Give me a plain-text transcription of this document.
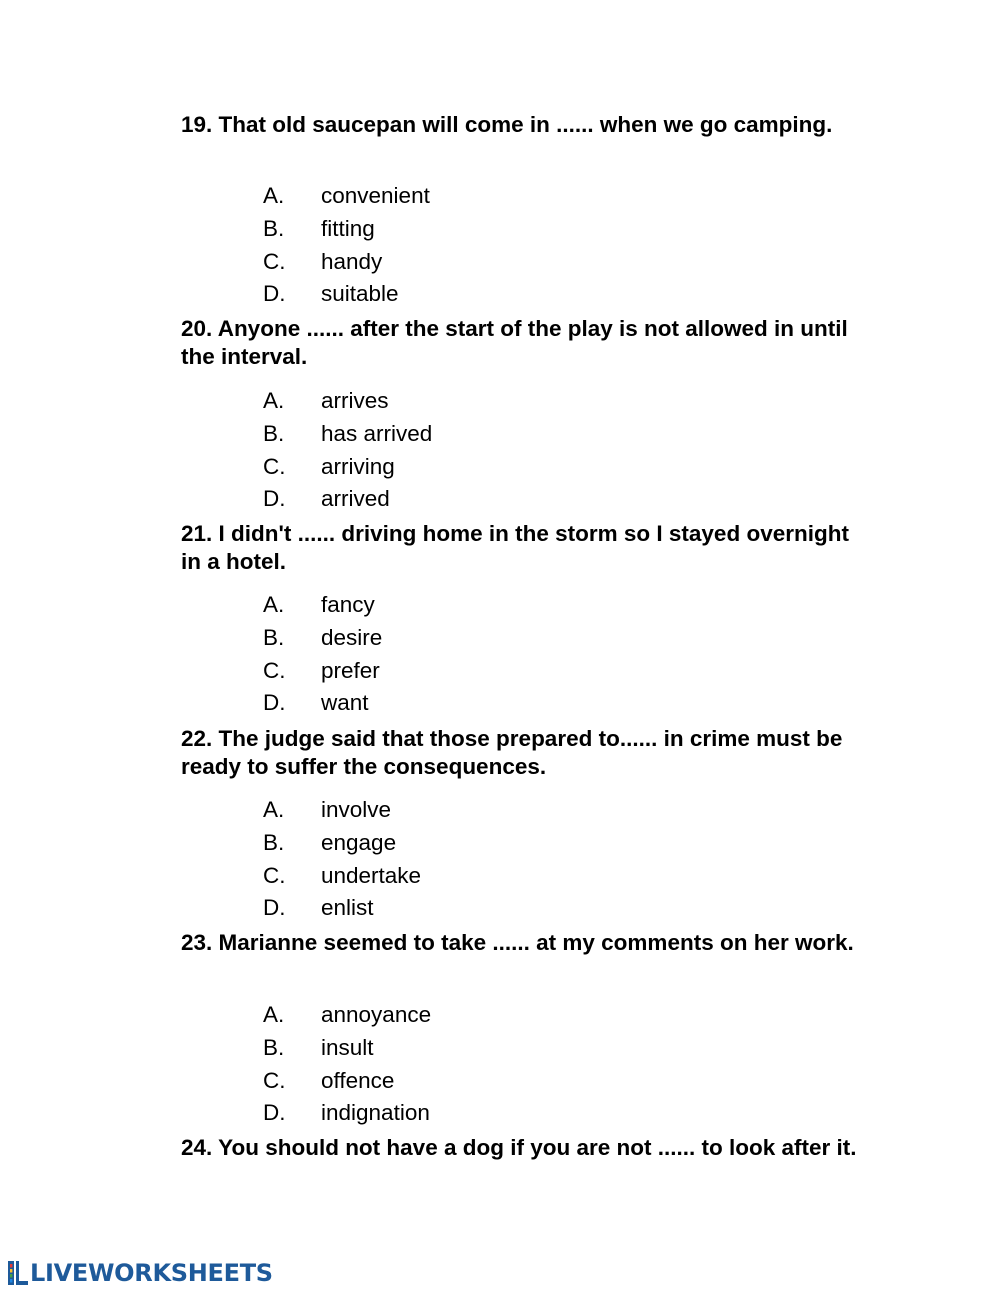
19. That old saucepan will come in ...... when we go camping.

A. convenient
B. fitting
C. handy
D. suitable

20. Anyone ...... after the start of the play is not allowed in until the interval.

A. arrives
B. has arrived
C. arriving
D. arrived

21. I didn't ...... driving home in the storm so I stayed overnight in a hotel.

A. fancy
B. desire
C. prefer
D. want

22. The judge said that those prepared to...... in crime must be ready to suffer the consequences.

A. involve
B. engage
C. undertake
D. enlist

23. Marianne seemed to take ...... at my comments on her work.

A. annoyance
B. insult
C. offence
D. indignation

24. You should not have a dog if you are not ...... to look after it.

LIVEWORKSHEETS
